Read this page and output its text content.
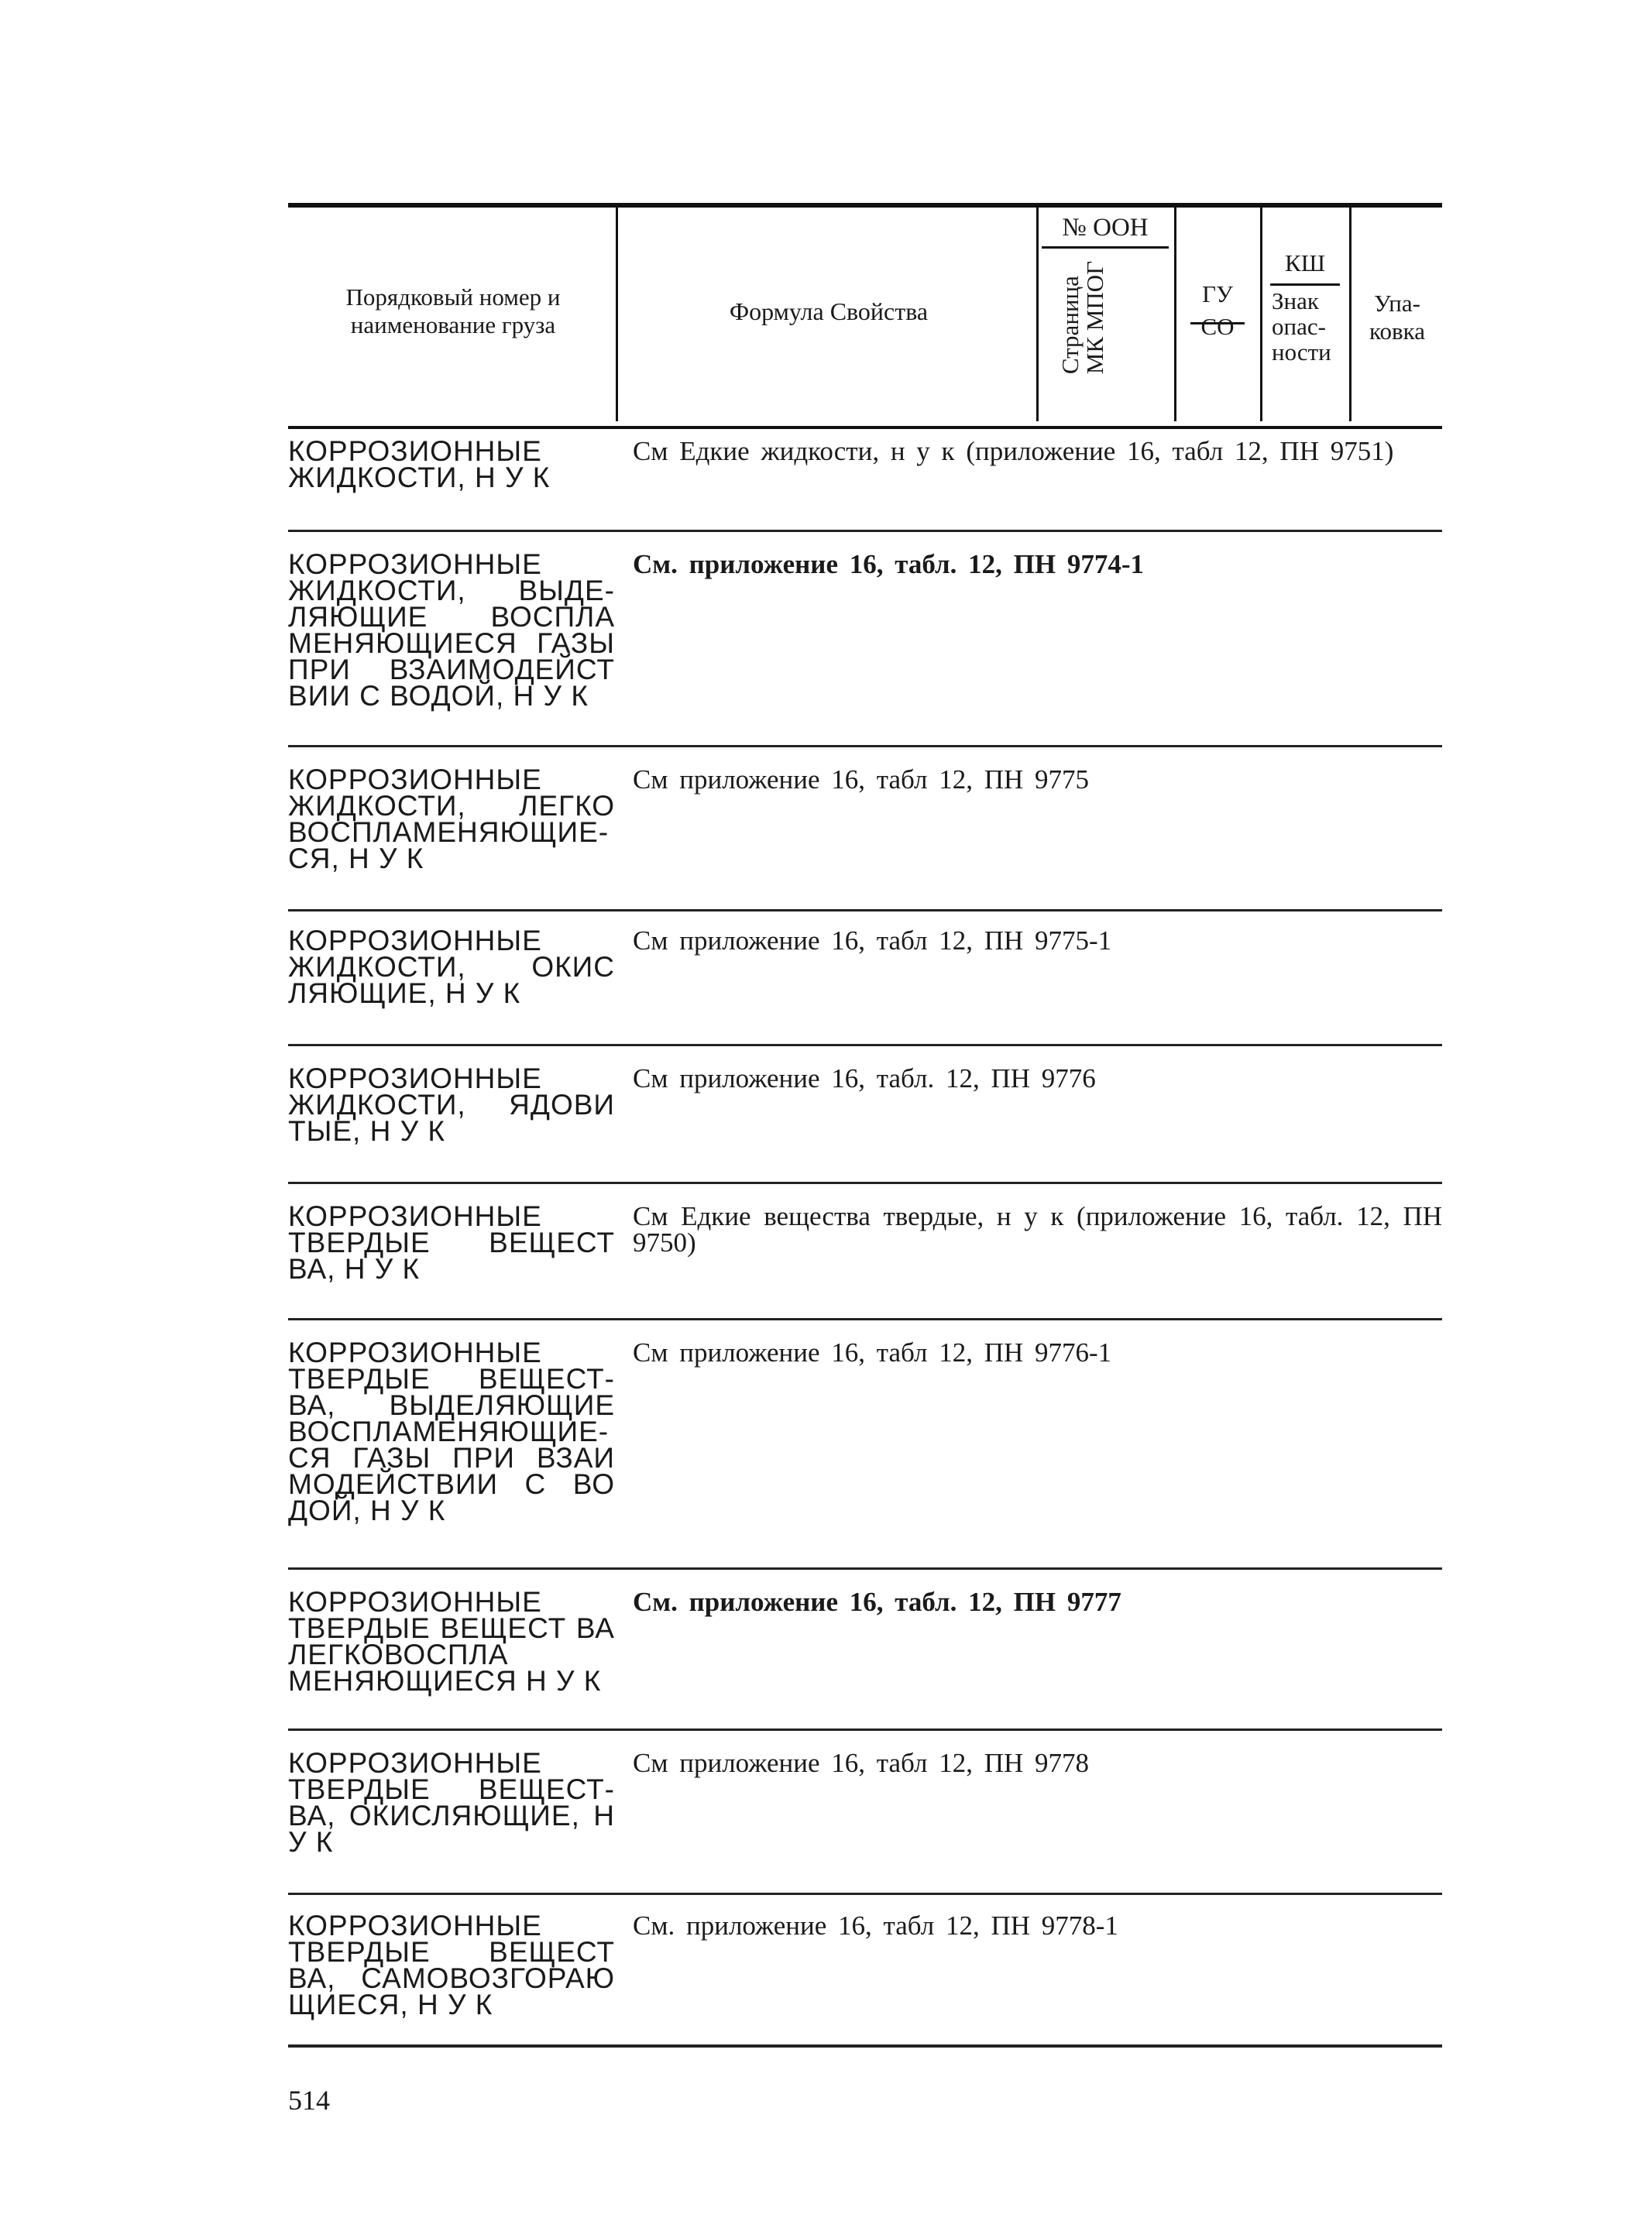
Порядковый номер и наименование груза	Формула Свойства
№ ООН
Страница
МК МПОГ	ГУ
СО
КШ
Знак опас-ности
Упа-ковка
КОРРОЗИОННЫЕ ЖИДКОСТИ, Н У К
См Едкие жидкости, н у к (приложение 16, табл 12, ПН 9751)
КОРРОЗИОННЫЕ ЖИДКОСТИ, ВЫДЕ-ЛЯЮЩИЕ ВОСПЛА МЕНЯЮЩИЕСЯ ГАЗЫ ПРИ ВЗАИМОДЕЙСТ ВИИ С ВОДОЙ, Н У К
См. приложение 16, табл. 12, ПН 9774-1
КОРРОЗИОННЫЕ ЖИДКОСТИ, ЛЕГКО ВОСПЛАМЕНЯЮЩИЕ-СЯ, Н У К
См приложение 16, табл 12, ПН 9775
КОРРОЗИОННЫЕ ЖИДКОСТИ, ОКИС ЛЯЮЩИЕ, Н У К
См приложение 16, табл 12, ПН 9775-1
КОРРОЗИОННЫЕ ЖИДКОСТИ, ЯДОВИ ТЫЕ, Н У К
См приложение 16, табл. 12, ПН 9776
КОРРОЗИОННЫЕ ТВЕРДЫЕ ВЕЩЕСТ ВА, Н У К
См Едкие вещества твердые, н у к (приложение 16, табл. 12, ПН 9750)
КОРРОЗИОННЫЕ ТВЕРДЫЕ ВЕЩЕСТ-ВА, ВЫДЕЛЯЮЩИЕ ВОСПЛАМЕНЯЮЩИЕ-СЯ ГАЗЫ ПРИ ВЗАИ МОДЕЙСТВИИ С ВО ДОЙ, Н У К
См приложение 16, табл 12, ПН 9776-1
КОРРОЗИОННЫЕ ТВЕРДЫЕ ВЕЩЕСТ ВА ЛЕГКОВОСПЛА МЕНЯЮЩИЕСЯ Н У К
См. приложение 16, табл. 12, ПН 9777
КОРРОЗИОННЫЕ ТВЕРДЫЕ ВЕЩЕСТ-ВА, ОКИСЛЯЮЩИЕ, Н У К
См приложение 16, табл 12, ПН 9778
КОРРОЗИОННЫЕ ТВЕРДЫЕ ВЕЩЕСТ ВА, САМОВОЗГОРАЮ ЩИЕСЯ, Н У К
См. приложение 16, табл 12, ПН 9778-1
514
